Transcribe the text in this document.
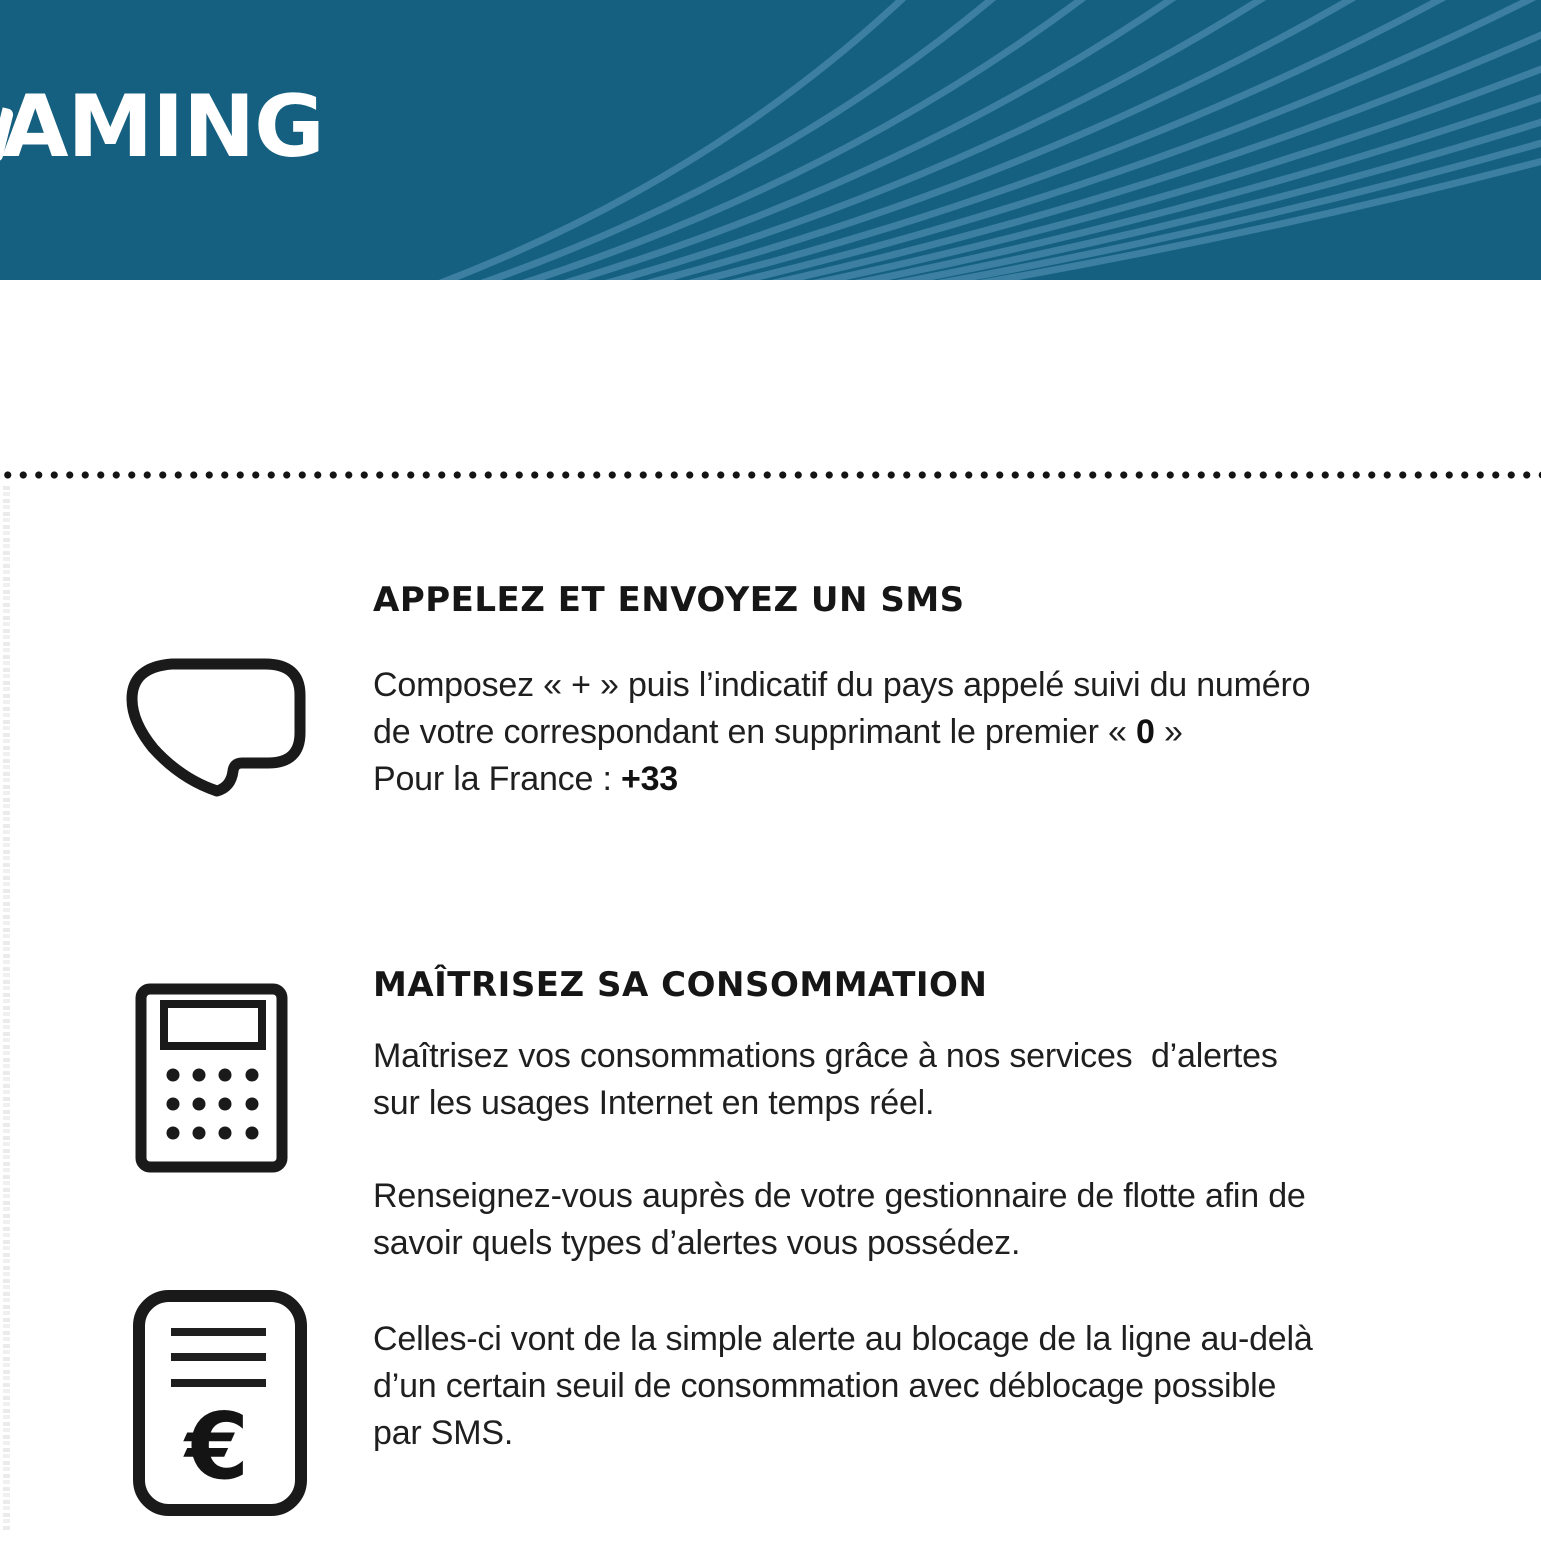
AMING
APPELEZ ET ENVOYEZ UN SMS
Composez « + » puis l’indicatif du pays appelé suivi du numéro
de votre correspondant en supprimant le premier « 0 »
Pour la France : +33
MAÎTRISEZ SA CONSOMMATION
Maîtrisez vos consommations grâce à nos services  d’alertes
sur les usages Internet en temps réel.
Renseignez-vous auprès de votre gestionnaire de flotte afin de
savoir quels types d’alertes vous possédez.
€
Celles-ci vont de la simple alerte au blocage de la ligne au-delà
d’un certain seuil de consommation avec déblocage possible
par SMS.
